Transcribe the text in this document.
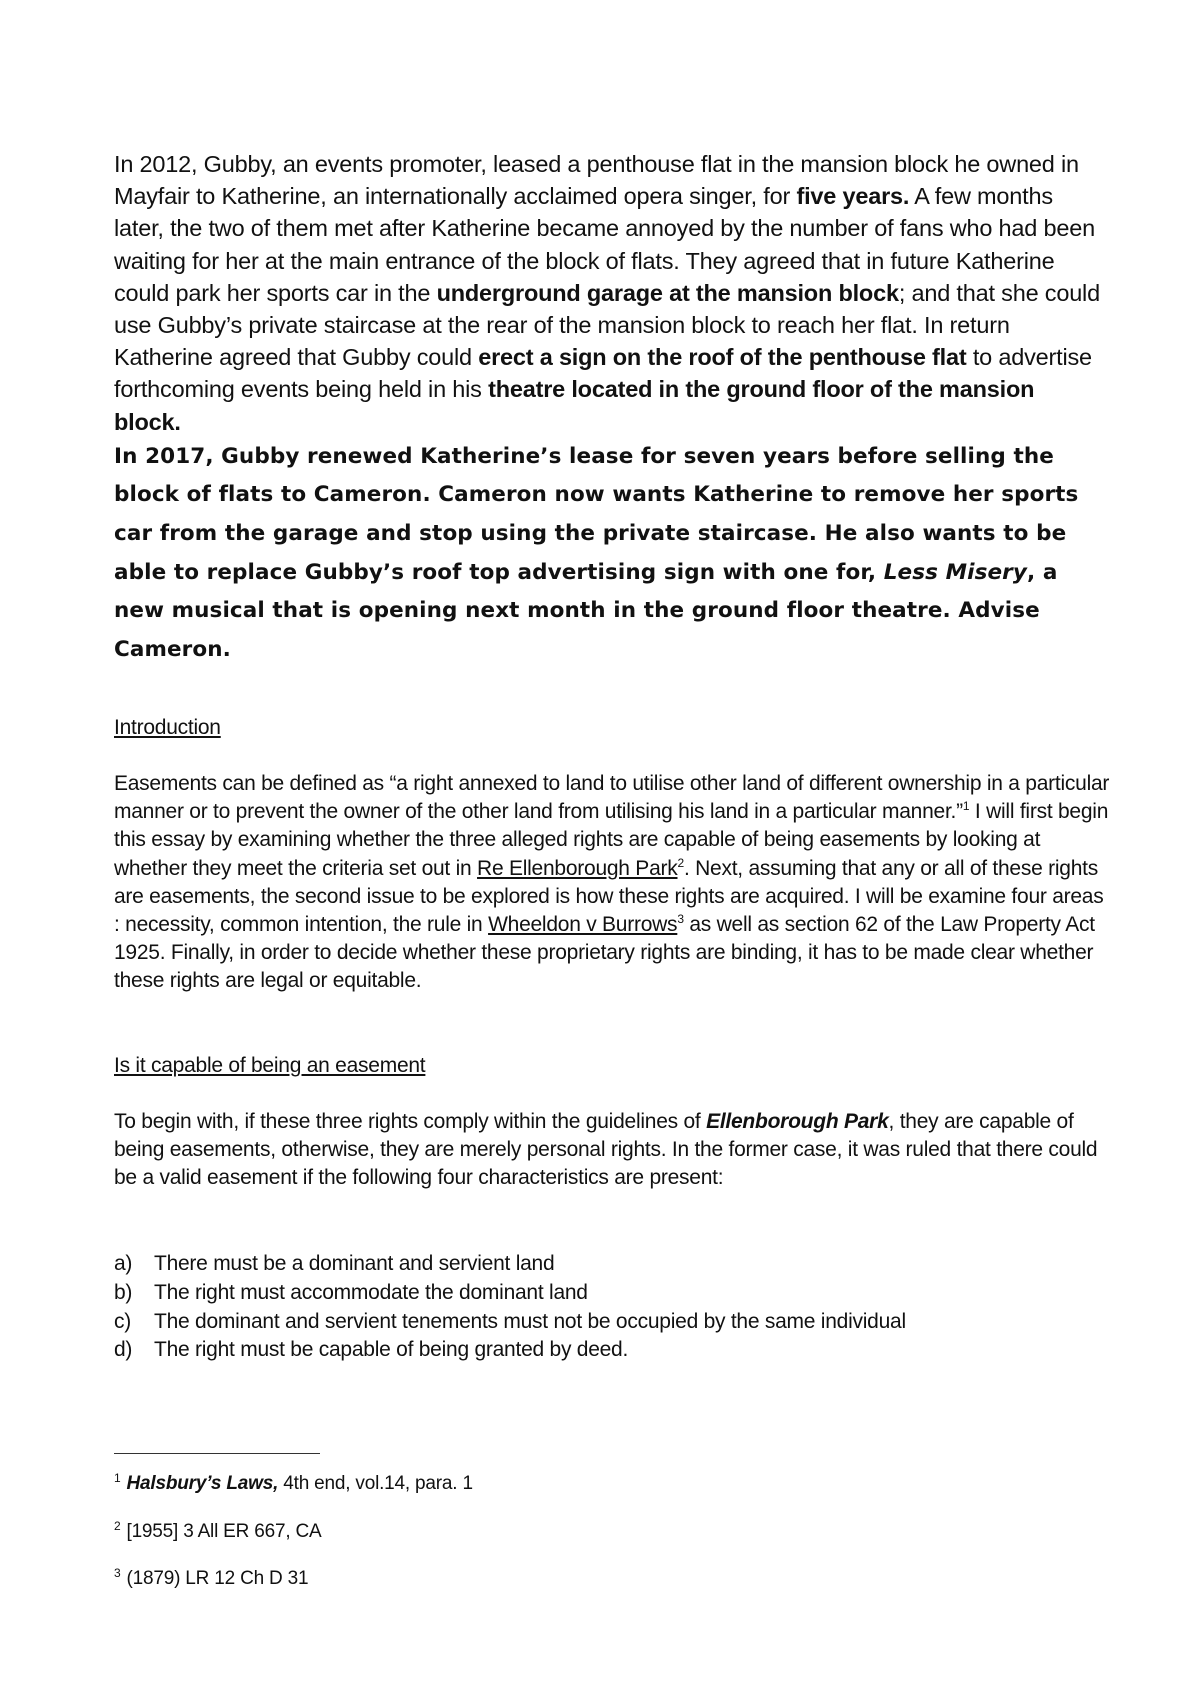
In 2012, Gubby, an events promoter, leased a penthouse flat in the mansion block he owned in Mayfair to Katherine, an internationally acclaimed opera singer, for five years. A few months later, the two of them met after Katherine became annoyed by the number of fans who had been waiting for her at the main entrance of the block of flats. They agreed that in future Katherine could park her sports car in the underground garage at the mansion block; and that she could use Gubby’s private staircase at the rear of the mansion block to reach her flat. In return Katherine agreed that Gubby could erect a sign on the roof of the penthouse flat to advertise forthcoming events being held in his theatre located in the ground floor of the mansion block.

In 2017, Gubby renewed Katherine’s lease for seven years before selling the block of flats to Cameron. Cameron now wants Katherine to remove her sports car from the garage and stop using the private staircase. He also wants to be able to replace Gubby’s roof top advertising sign with one for, Less Misery, a new musical that is opening next month in the ground floor theatre. Advise Cameron.

Introduction

Easements can be defined as “a right annexed to land to utilise other land of different ownership in a particular manner or to prevent the owner of the other land from utilising his land in a particular manner.”$^1$ I will first begin this essay by examining whether the three alleged rights are capable of being easements by looking at whether they meet the criteria set out in Re Ellenborough Park$^2$. Next, assuming that any or all of these rights are easements, the second issue to be explored is how these rights are acquired. I will be examine four areas : necessity, common intention, the rule in Wheeldon v Burrows$^3$ as well as section 62 of the Law Property Act 1925. Finally, in order to decide whether these proprietary rights are binding, it has to be made clear whether these rights are legal or equitable.

Is it capable of being an easement

To begin with, if these three rights comply within the guidelines of Ellenborough Park, they are capable of being easements, otherwise, they are merely personal rights. In the former case, it was ruled that there could be a valid easement if the following four characteristics are present:

a)	There must be a dominant and servient land
b)	The right must accommodate the dominant land
c)	The dominant and servient tenements must not be occupied by the same individual
d)	The right must be capable of being granted by deed.

$^1$ Halsbury’s Laws, 4th end, vol.14, para. 1

$^2$ [1955] 3 All ER 667, CA

$^3$ (1879) LR 12 Ch D 31
